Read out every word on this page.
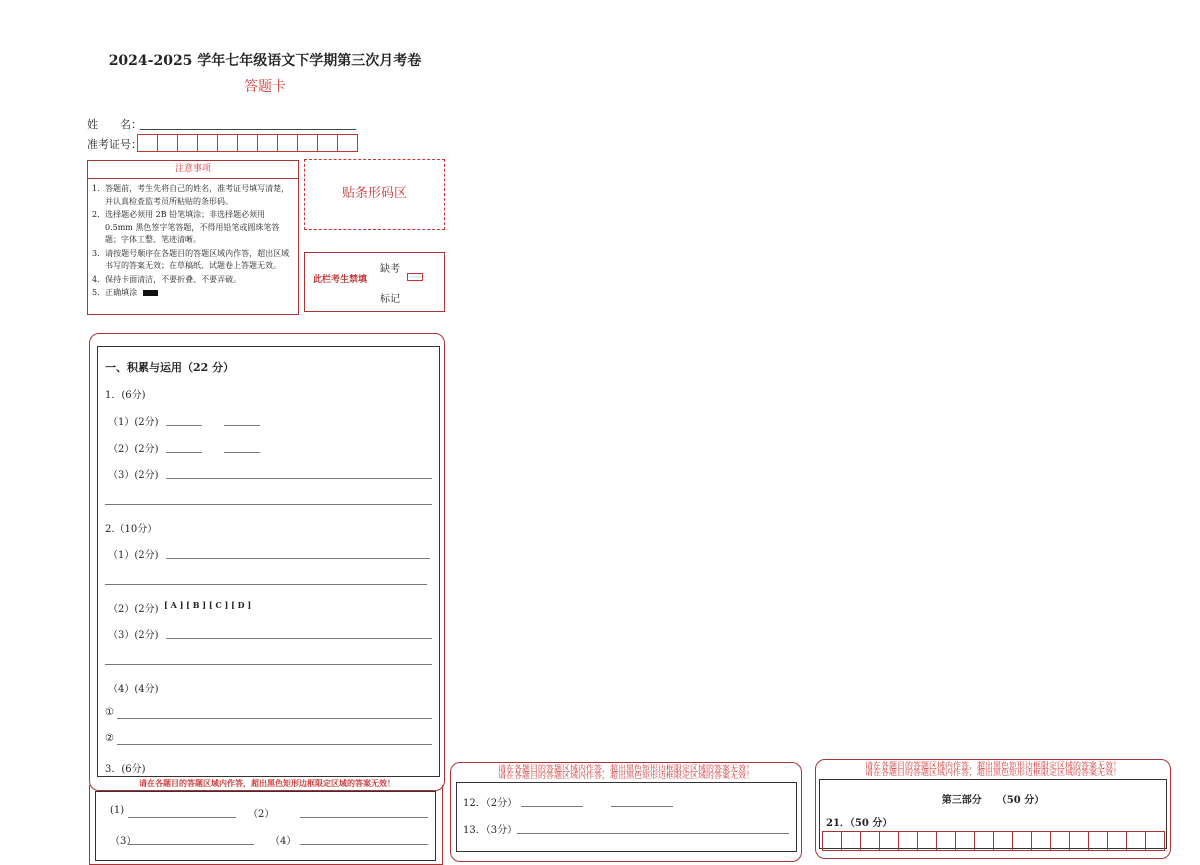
2024-2025 学年七年级语文下学期第三次月考卷
答题卡
姓　　名：
准考证号：
注意事项
1．答题前，考生先将自己的姓名，准考证号填写清楚，并认真检查监考员所粘贴的条形码。
2．选择题必须用 2B 铅笔填涂；非选择题必须用 0.5mm 黑色签字笔答题，不得用铅笔或圆珠笔答题；字体工整、笔迹清晰。
3．请按题号顺序在各题目的答题区域内作答，超出区域书写的答案无效；在草稿纸、试题卷上答题无效。
4．保持卡面清洁，不要折叠、不要弄破。
5．正确填涂
贴条形码区
此栏考生禁填
缺考
标记
一、积累与运用（22 分）
1．(6分)
（1）(2分)
（2）(2分)
（3）(2分)
2.（10分）
（1）(2分)
（2）(2分) [ A ] [ B ] [ C ] [ D ]
（3）(2分)
（4）(4分)
①
②
3．(6分)
请在各题目的答题区域内作答，超出黑色矩形边框限定区域的答案无效！
(1)	（2）
（3）	（4）
请在各题目的答题区域内作答，超出黑色矩形边框限定区域的答案无效！
请在各题目的答题区域内作答，超出黑色矩形边框限定区域的答案无效！
12．（2分）
13．（3分）
请在各题目的答题区域内作答，超出黑色矩形边框限定区域的答案无效！
请在各题目的答题区域内作答，超出黑色矩形边框限定区域的答案无效！
第三部分　　（50 分）
21．（50 分）
